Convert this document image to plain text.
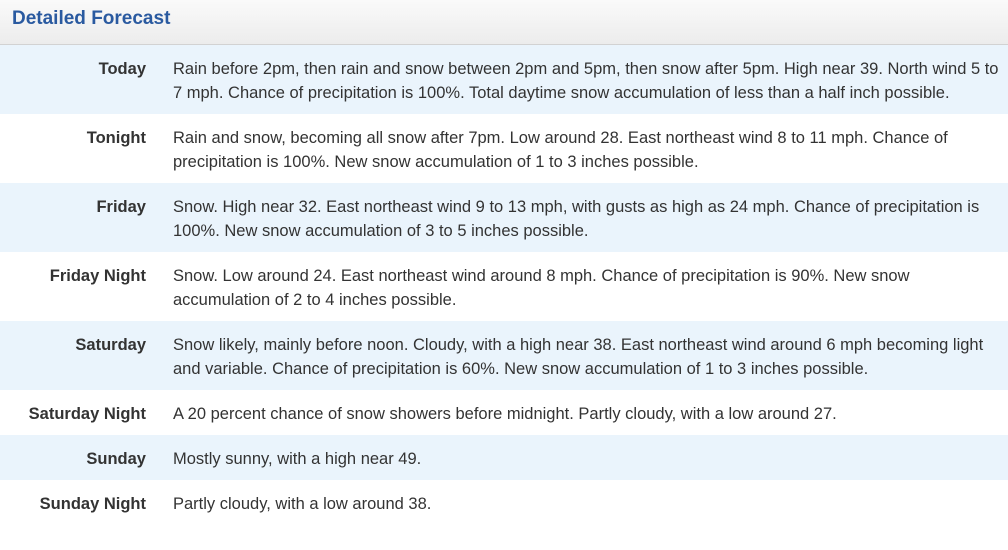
Detailed Forecast
Today	Rain before 2pm, then rain and snow between 2pm and 5pm, then snow after 5pm. High near 39. North wind 5 to 7 mph. Chance of precipitation is 100%. Total daytime snow accumulation of less than a half inch possible.
Tonight	Rain and snow, becoming all snow after 7pm. Low around 28. East northeast wind 8 to 11 mph. Chance of precipitation is 100%. New snow accumulation of 1 to 3 inches possible.
Friday	Snow. High near 32. East northeast wind 9 to 13 mph, with gusts as high as 24 mph. Chance of precipitation is 100%. New snow accumulation of 3 to 5 inches possible.
Friday Night	Snow. Low around 24. East northeast wind around 8 mph. Chance of precipitation is 90%. New snow accumulation of 2 to 4 inches possible.
Saturday	Snow likely, mainly before noon. Cloudy, with a high near 38. East northeast wind around 6 mph becoming light and variable. Chance of precipitation is 60%. New snow accumulation of 1 to 3 inches possible.
Saturday Night	A 20 percent chance of snow showers before midnight. Partly cloudy, with a low around 27.
Sunday	Mostly sunny, with a high near 49.
Sunday Night	Partly cloudy, with a low around 38.
